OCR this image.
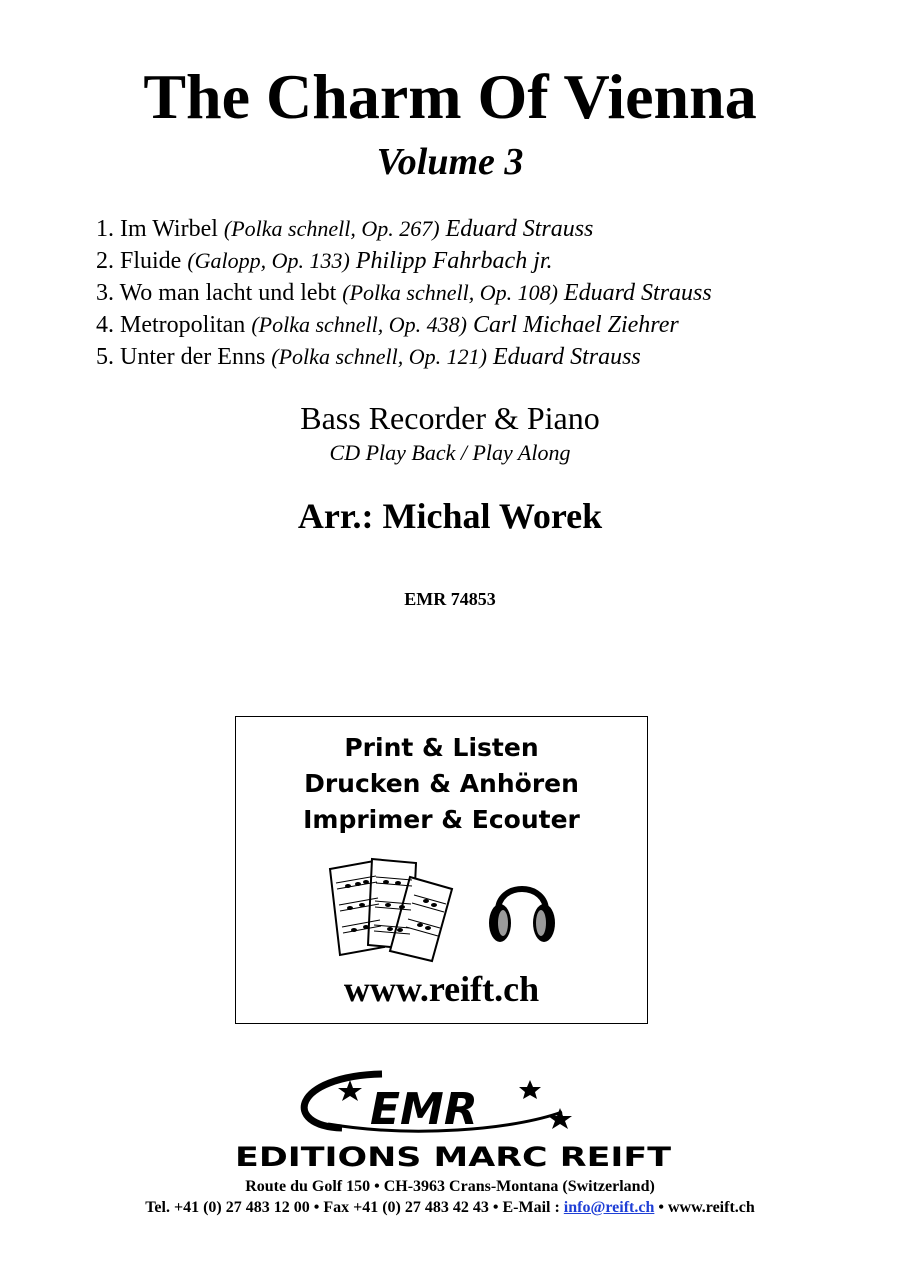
The Charm Of Vienna
Volume 3
1. Im Wirbel (Polka schnell, Op. 267) Eduard Strauss
2. Fluide (Galopp, Op. 133) Philipp Fahrbach jr.
3. Wo man lacht und lebt (Polka schnell, Op. 108) Eduard Strauss
4. Metropolitan (Polka schnell, Op. 438) Carl Michael Ziehrer
5. Unter der Enns (Polka schnell, Op. 121) Eduard Strauss
Bass Recorder & Piano
CD Play Back / Play Along
Arr.: Michal Worek
EMR 74853
Print & Listen
Drucken & Anhören
Imprimer & Ecouter
www.reift.ch
EMR
EDITIONS MARC REIFT
Route du Golf 150 • CH-3963 Crans-Montana (Switzerland)
Tel. +41 (0) 27 483 12 00 • Fax +41 (0) 27 483 42 43 • E-Mail : info@reift.ch • www.reift.ch
